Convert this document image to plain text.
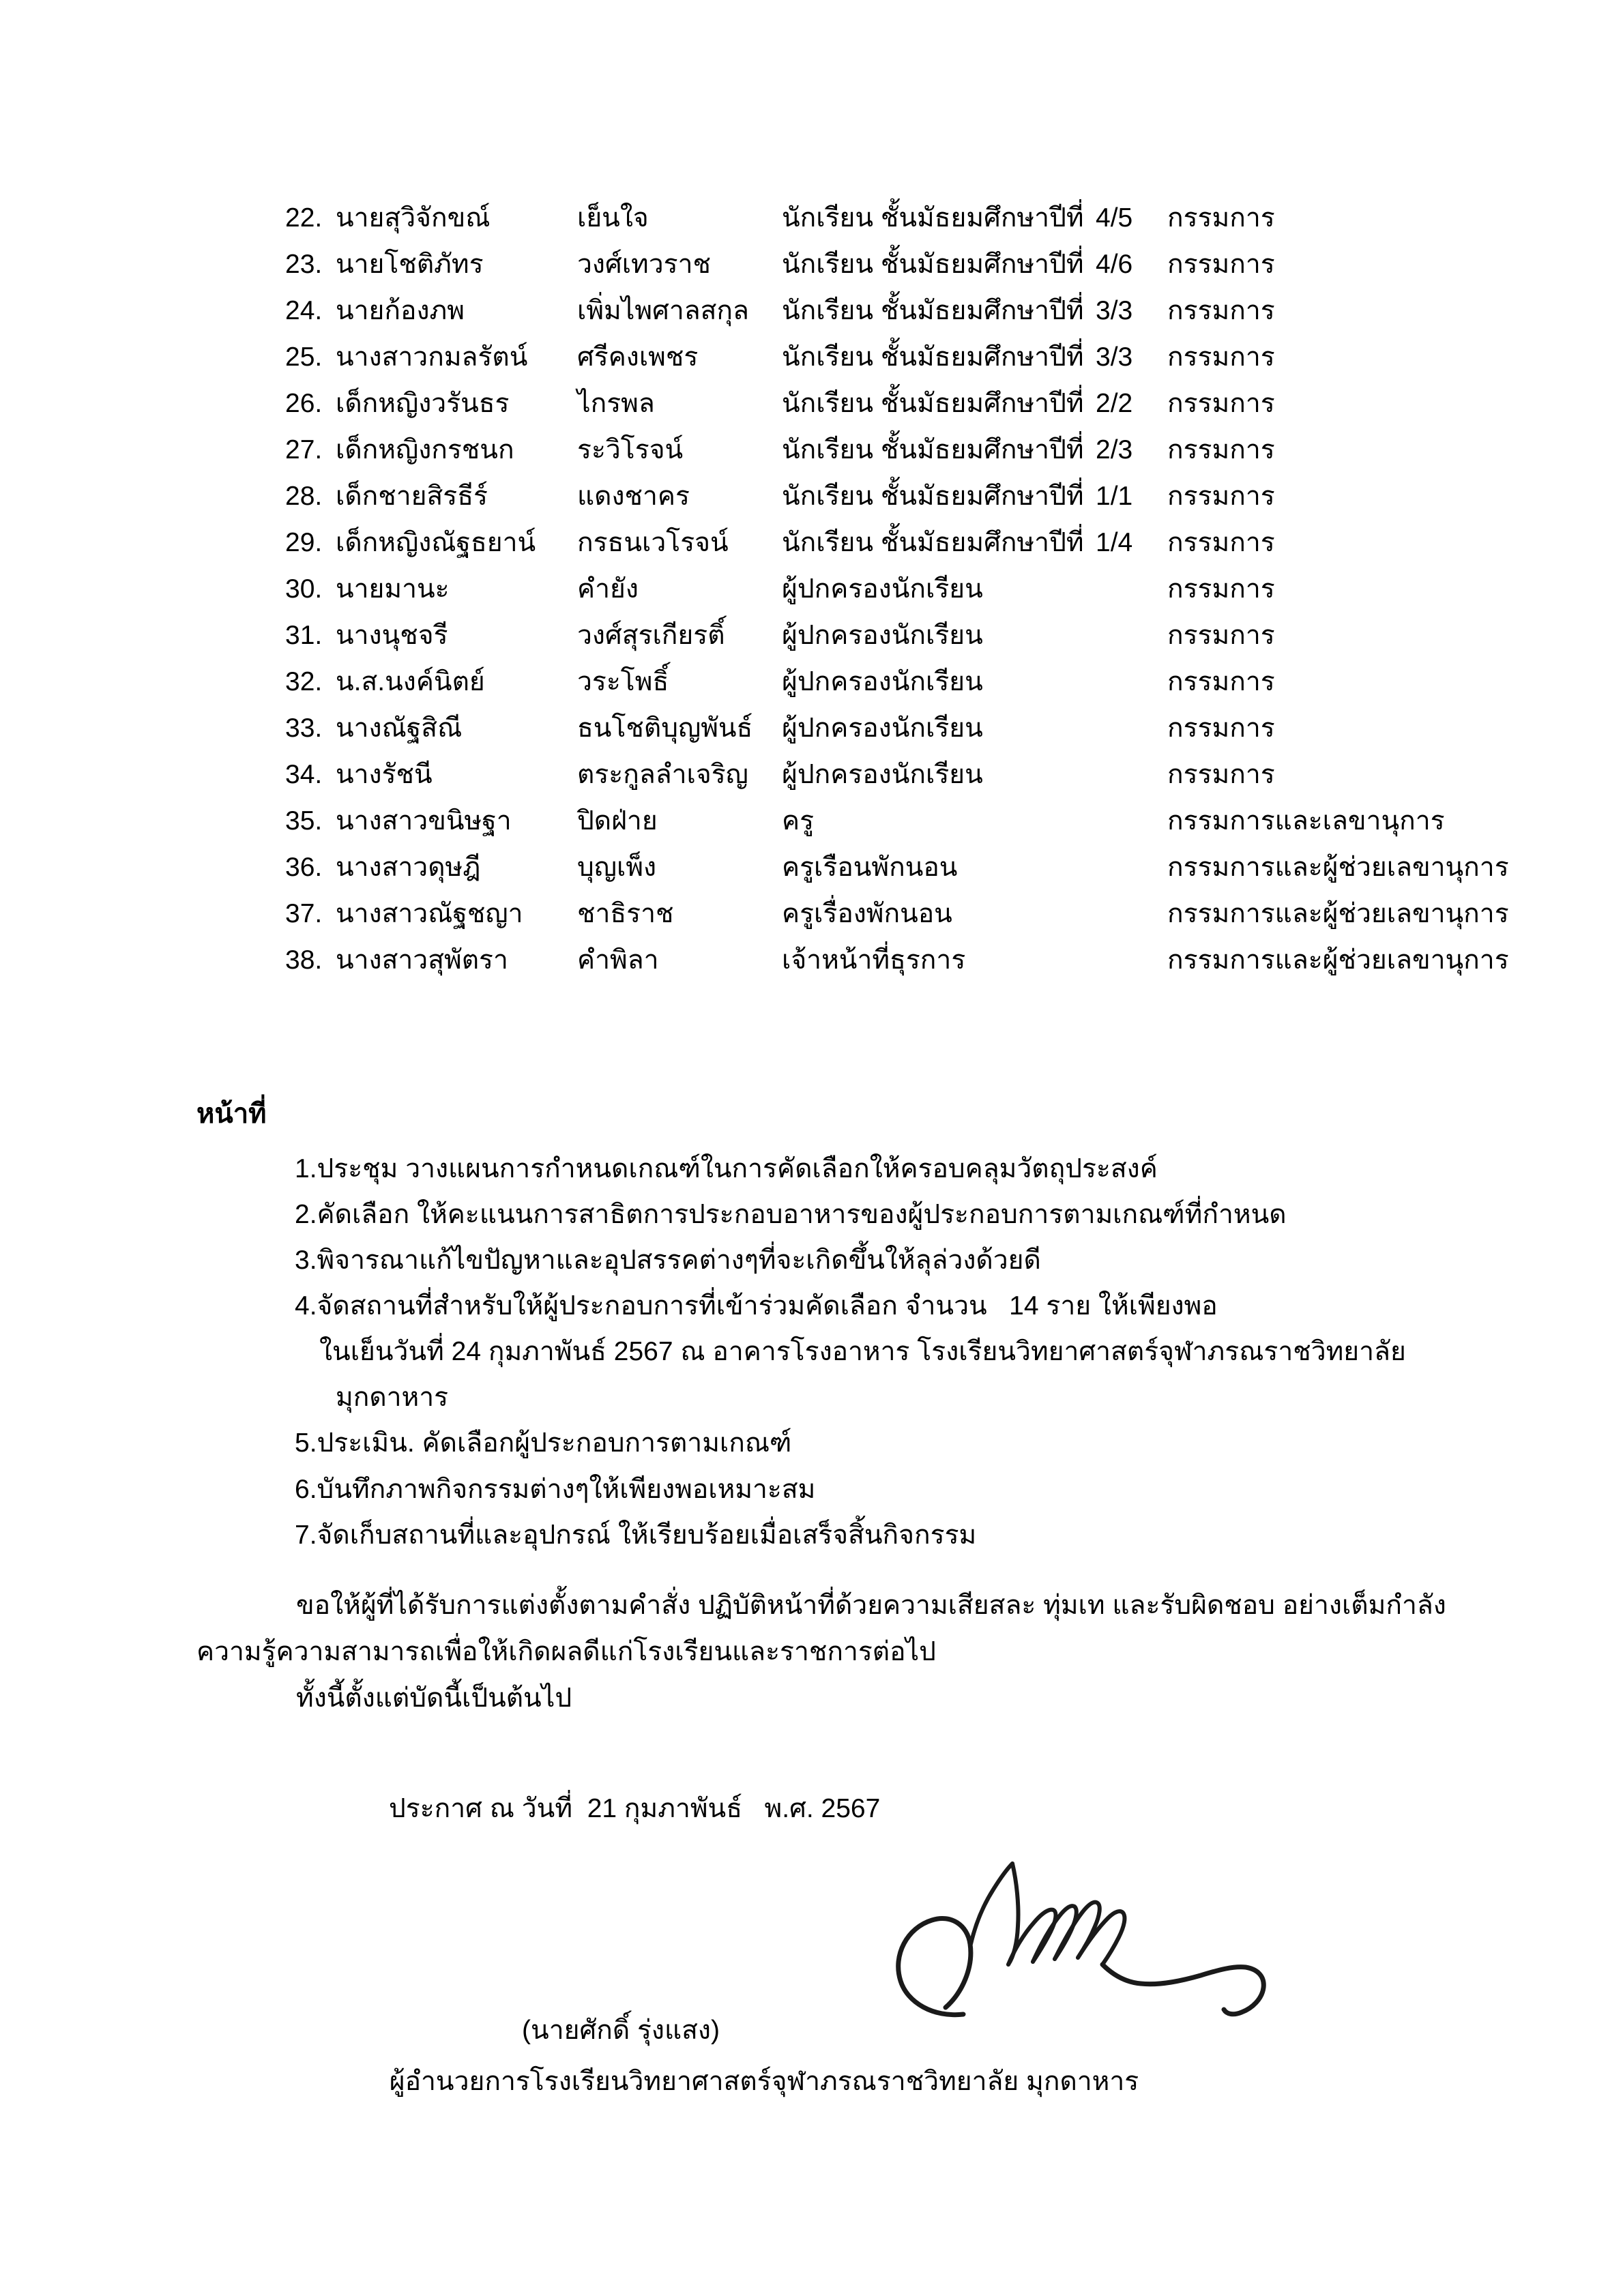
22.	นายสุวิจักขณ์	เย็นใจ	นักเรียน ชั้นมัธยมศึกษาปีที่	4/5	กรรมการ
23.	นายโชติภัทร	วงศ์เทวราช	นักเรียน ชั้นมัธยมศึกษาปีที่	4/6	กรรมการ
24.	นายก้องภพ	เพิ่มไพศาลสกุล	นักเรียน ชั้นมัธยมศึกษาปีที่	3/3	กรรมการ
25.	นางสาวกมลรัตน์	ศรีคงเพชร	นักเรียน ชั้นมัธยมศึกษาปีที่	3/3	กรรมการ
26.	เด็กหญิงวรันธร	ไกรพล	นักเรียน ชั้นมัธยมศึกษาปีที่	2/2	กรรมการ
27.	เด็กหญิงกรชนก	ระวิโรจน์	นักเรียน ชั้นมัธยมศึกษาปีที่	2/3	กรรมการ
28.	เด็กชายสิรธีร์	แดงชาคร	นักเรียน ชั้นมัธยมศึกษาปีที่	1/1	กรรมการ
29.	เด็กหญิงณัฐธยาน์	กรธนเวโรจน์	นักเรียน ชั้นมัธยมศึกษาปีที่	1/4	กรรมการ
30.	นายมานะ	คำยัง	ผู้ปกครองนักเรียน		กรรมการ
31.	นางนุชจรี	วงศ์สุรเกียรติ์	ผู้ปกครองนักเรียน		กรรมการ
32.	น.ส.นงค์นิตย์	วระโพธิ์	ผู้ปกครองนักเรียน		กรรมการ
33.	นางณัฐสิณี	ธนโชติบุญพันธ์	ผู้ปกครองนักเรียน		กรรมการ
34.	นางรัชนี	ตระกูลลำเจริญ	ผู้ปกครองนักเรียน		กรรมการ
35.	นางสาวขนิษฐา	ปิดฝ่าย	ครู		กรรมการและเลขานุการ
36.	นางสาวดุษฎี	บุญเพ็ง	ครูเรือนพักนอน		กรรมการและผู้ช่วยเลขานุการ
37.	นางสาวณัฐชญา	ชาธิราช	ครูเรื่องพักนอน		กรรมการและผู้ช่วยเลขานุการ
38.	นางสาวสุพัตรา	คำพิลา	เจ้าหน้าที่ธุรการ		กรรมการและผู้ช่วยเลขานุการ
หน้าที่
1.ประชุม วางแผนการกำหนดเกณฑ์ในการคัดเลือกให้ครอบคลุมวัตถุประสงค์
2.คัดเลือก ให้คะแนนการสาธิตการประกอบอาหารของผู้ประกอบการตามเกณฑ์ที่กำหนด
3.พิจารณาแก้ไขปัญหาและอุปสรรคต่างๆที่จะเกิดขึ้นให้ลุล่วงด้วยดี
4.จัดสถานที่สำหรับให้ผู้ประกอบการที่เข้าร่วมคัดเลือก จำนวน   14 ราย ให้เพียงพอ
ในเย็นวันที่ 24 กุมภาพันธ์ 2567 ณ อาคารโรงอาหาร โรงเรียนวิทยาศาสตร์จุฬาภรณราชวิทยาลัย
มุกดาหาร
5.ประเมิน. คัดเลือกผู้ประกอบการตามเกณฑ์
6.บันทึกภาพกิจกรรมต่างๆให้เพียงพอเหมาะสม
7.จัดเก็บสถานที่และอุปกรณ์ ให้เรียบร้อยเมื่อเสร็จสิ้นกิจกรรม
ขอให้ผู้ที่ได้รับการแต่งตั้งตามคำสั่ง ปฏิบัติหน้าที่ด้วยความเสียสละ ทุ่มเท และรับผิดชอบ อย่างเต็มกำลัง
ความรู้ความสามารถเพื่อให้เกิดผลดีแก่โรงเรียนและราชการต่อไป
ทั้งนี้ตั้งแต่บัดนี้เป็นต้นไป
ประกาศ ณ วันที่  21 กุมภาพันธ์   พ.ศ. 2567
(นายศักดิ์ รุ่งแสง)
ผู้อำนวยการโรงเรียนวิทยาศาสตร์จุฬาภรณราชวิทยาลัย มุกดาหาร
